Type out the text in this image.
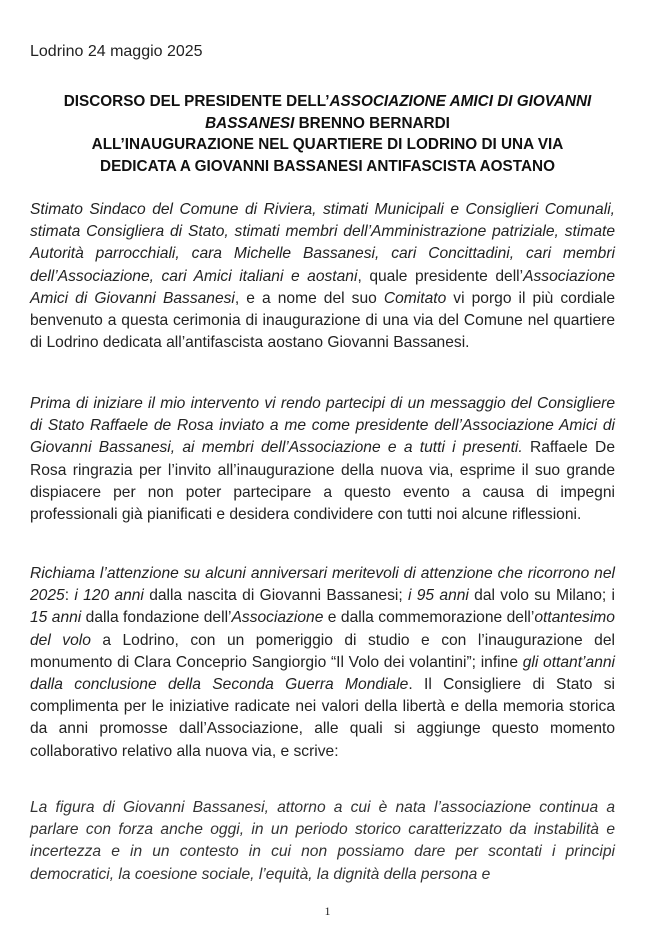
Lodrino 24 maggio 2025
DISCORSO DEL PRESIDENTE DELL’ASSOCIAZIONE AMICI DI GIOVANNI BASSANESI BRENNO BERNARDI
ALL’INAUGURAZIONE NEL QUARTIERE DI LODRINO DI UNA VIA
DEDICATA A GIOVANNI BASSANESI ANTIFASCISTA AOSTANO
Stimato Sindaco del Comune di Riviera, stimati Municipali e Consiglieri Comunali, stimata Consigliera di Stato, stimati membri dell’Amministrazione patriziale, stimate Autorità parrocchiali, cara Michelle Bassanesi, cari Concittadini, cari membri dell’Associazione, cari Amici italiani e aostani, quale presidente dell’Associazione Amici di Giovanni Bassanesi, e a nome del suo Comitato vi porgo il più cordiale benvenuto a questa cerimonia di inaugurazione di una via del Comune nel quartiere di Lodrino dedicata all’antifascista aostano Giovanni Bassanesi.
Prima di iniziare il mio intervento vi rendo partecipi di un messaggio del Consigliere di Stato Raffaele de Rosa inviato a me come presidente dell’Associazione Amici di Giovanni Bassanesi, ai membri dell’Associazione e a tutti i presenti. Raffaele De Rosa ringrazia per l’invito all’inaugurazione della nuova via, esprime il suo grande dispiacere per non poter partecipare a questo evento a causa di impegni professionali già pianificati e desidera condividere con tutti noi alcune riflessioni.
Richiama l’attenzione su alcuni anniversari meritevoli di attenzione che ricorrono nel 2025: i 120 anni dalla nascita di Giovanni Bassanesi; i 95 anni dal volo su Milano; i 15 anni dalla fondazione dell’Associazione e dalla commemorazione dell’ottantesimo del volo a Lodrino, con un pomeriggio di studio e con l’inaugurazione del monumento di Clara Conceprio Sangiorgio “Il Volo dei volantini”; infine gli ottant’anni dalla conclusione della Seconda Guerra Mondiale. Il Consigliere di Stato si complimenta per le iniziative radicate nei valori della libertà e della memoria storica da anni promosse dall’Associazione, alle quali si aggiunge questo momento collaborativo relativo alla nuova via, e scrive:
La figura di Giovanni Bassanesi, attorno a cui è nata l’associazione continua a parlare con forza anche oggi, in un periodo storico caratterizzato da instabilità e incertezza e in un contesto in cui non possiamo dare per scontati i principi democratici, la coesione sociale, l’equità, la dignità della persona e
1
